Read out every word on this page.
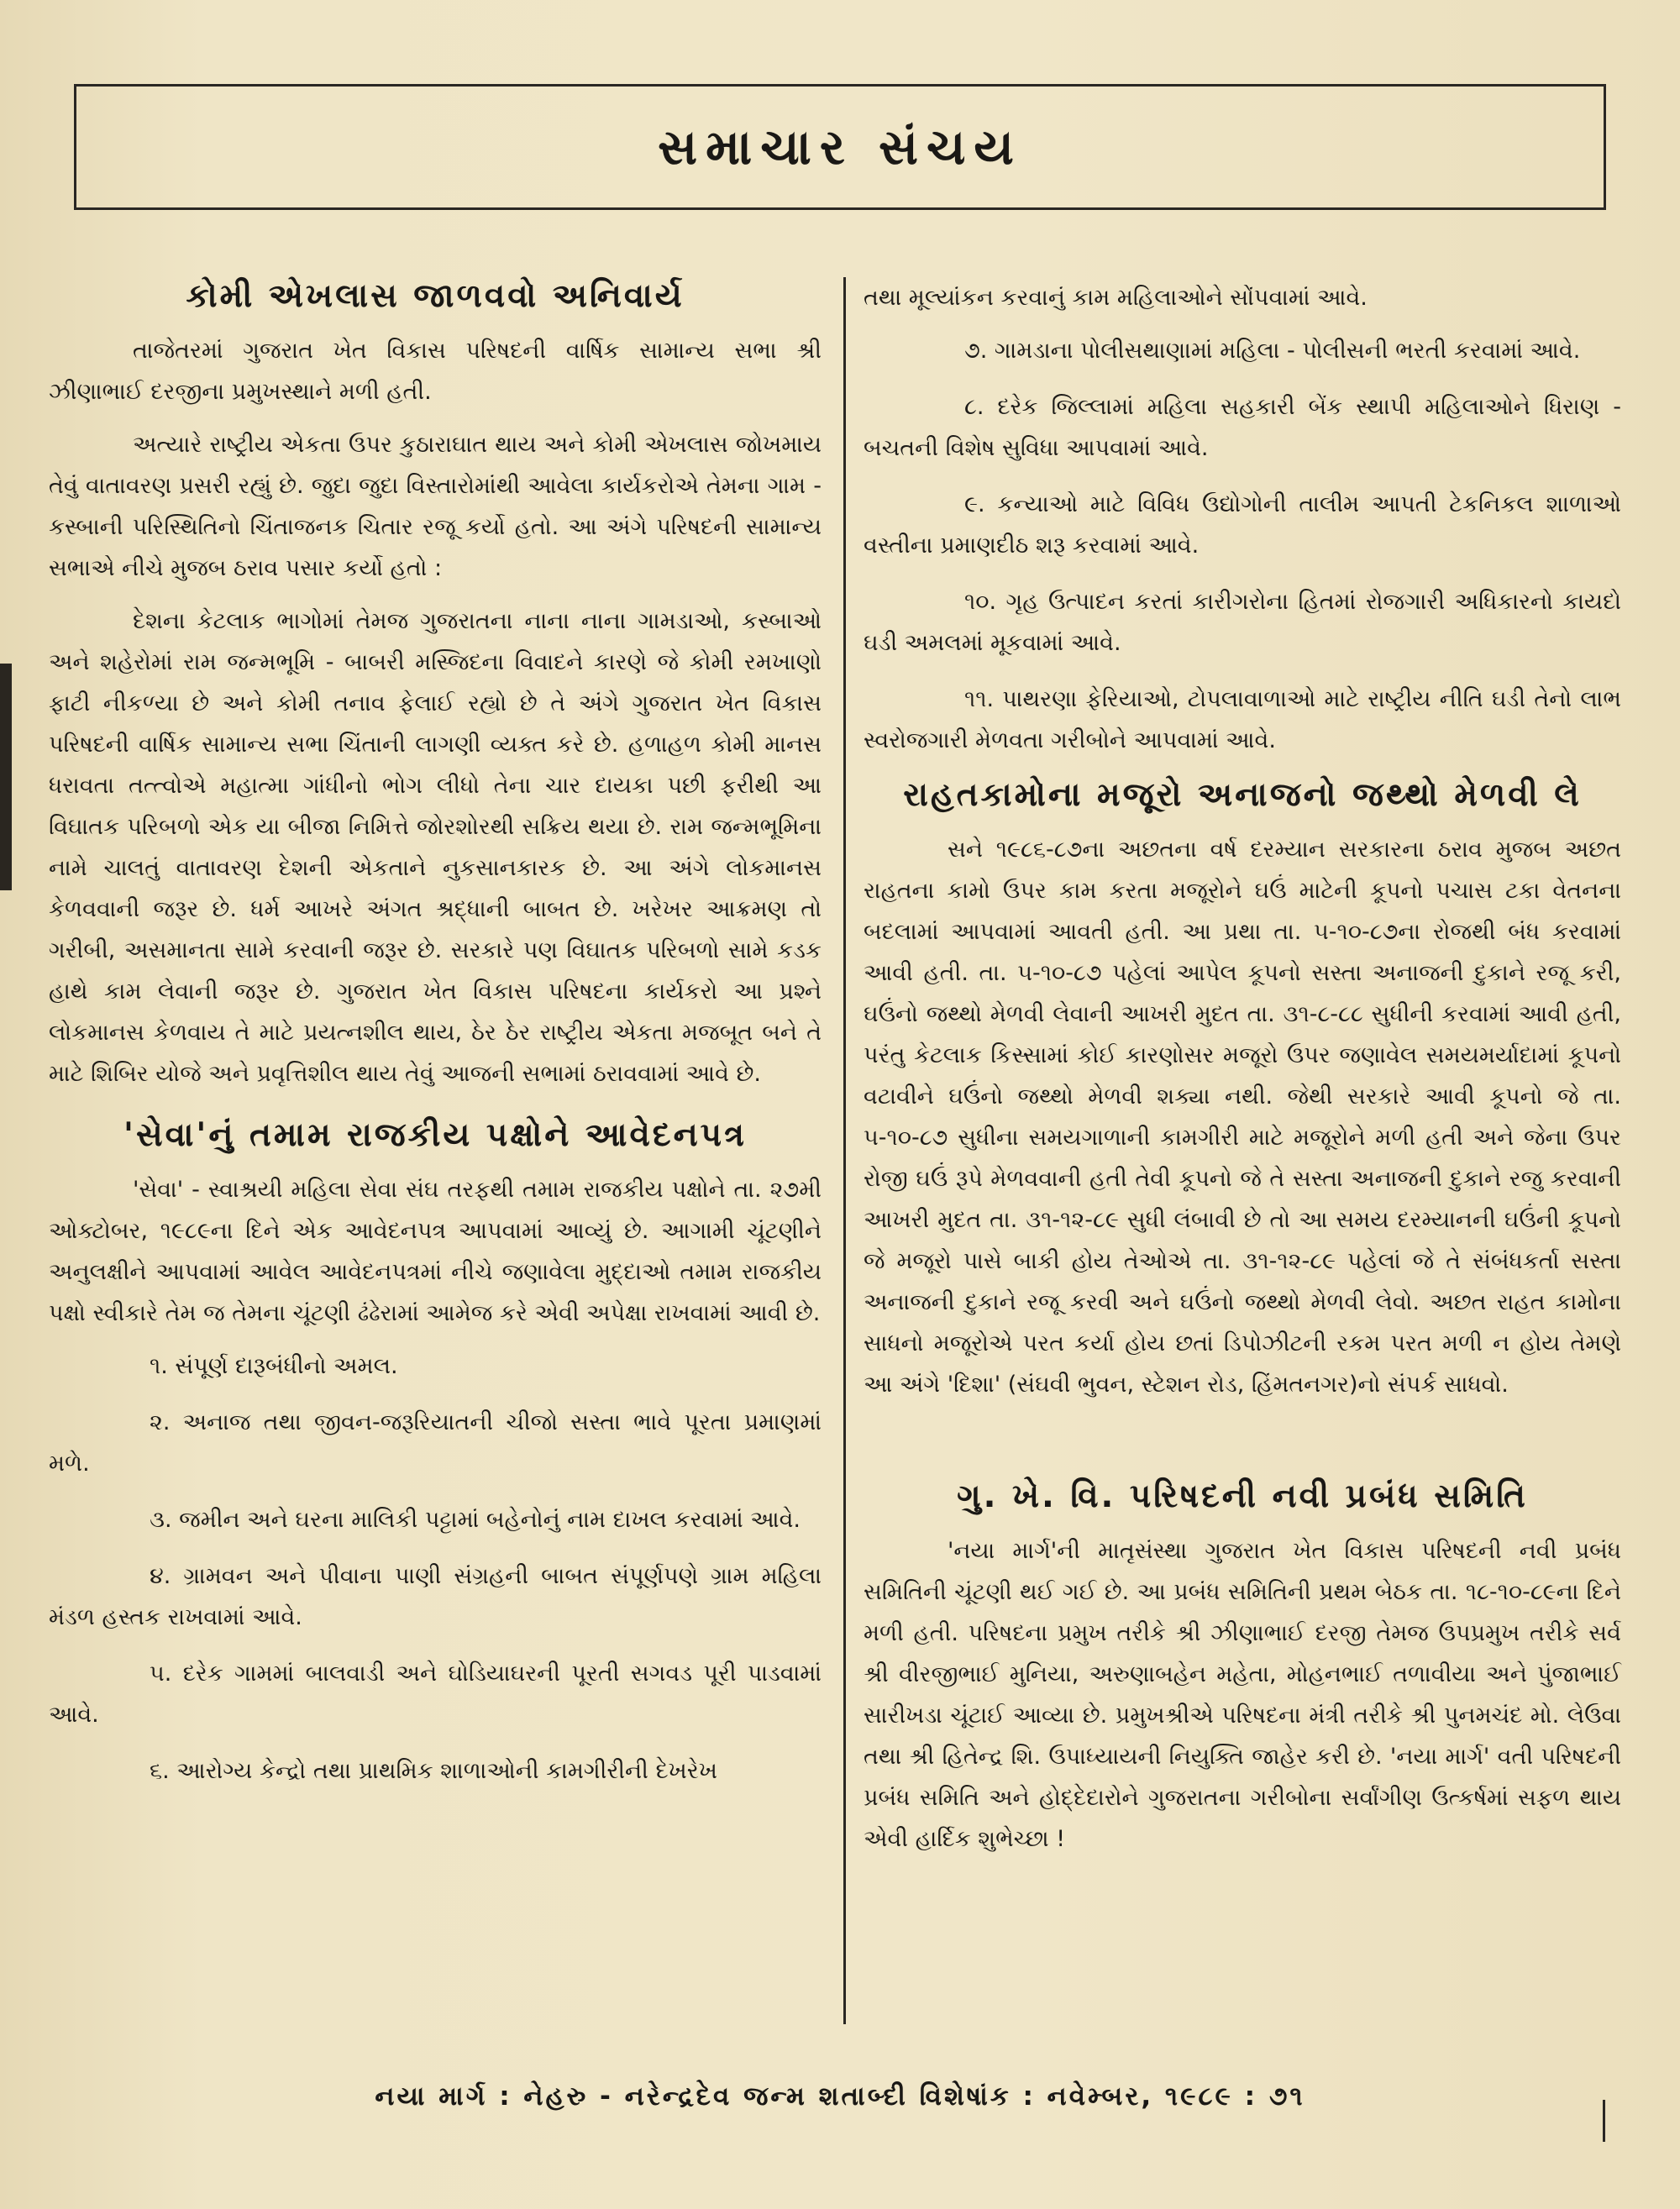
સમાચાર સંચય
કોમી એખલાસ જાળવવો અનિવાર્ય

તાજેતરમાં ગુજરાત ખેત વિકાસ પરિષદની વાર્ષિક સામાન્ય સભા શ્રી ઝીણાભાઈ દરજીના પ્રમુખસ્થાને મળી હતી.

અત્યારે રાષ્ટ્રીય એકતા ઉપર કુઠારાઘાત થાય અને કોમી એખલાસ જોખમાય તેવું વાતાવરણ પ્રસરી રહ્યું છે. જુદા જુદા વિસ્તારોમાંથી આવેલા કાર્યકરોએ તેમના ગામ - કસ્બાની પરિસ્થિતિનો ચિંતાજનક ચિતાર રજૂ કર્યો હતો. આ અંગે પરિષદની સામાન્ય સભાએ નીચે મુજબ ઠરાવ પસાર કર્યો હતો :

દેશના કેટલાક ભાગોમાં તેમજ ગુજરાતના નાના નાના ગામડાઓ, કસ્બાઓ અને શહેરોમાં રામ જન્મભૂમિ - બાબરી મસ્જિદના વિવાદને કારણે જે કોમી રમખાણો ફાટી નીકળ્યા છે અને કોમી તનાવ ફેલાઈ રહ્યો છે તે અંગે ગુજરાત ખેત વિકાસ પરિષદની વાર્ષિક સામાન્ય સભા ચિંતાની લાગણી વ્યક્ત કરે છે. હળાહળ કોમી માનસ ધરાવતા તત્ત્વોએ મહાત્મા ગાંધીનો ભોગ લીધો તેના ચાર દાયકા પછી ફરીથી આ વિઘાતક પરિબળો એક યા બીજા નિમિત્તે જોરશોરથી સક્રિય થયા છે. રામ જન્મભૂમિના નામે ચાલતું વાતાવરણ દેશની એકતાને નુકસાનકારક છે. આ અંગે લોકમાનસ કેળવવાની જરૂર છે. ધર્મ આખરે અંગત શ્રદ્ધાની બાબત છે. ખરેખર આક્રમણ તો ગરીબી, અસમાનતા સામે કરવાની જરૂર છે. સરકારે પણ વિઘાતક પરિબળો સામે કડક હાથે કામ લેવાની જરૂર છે. ગુજરાત ખેત વિકાસ પરિષદના કાર્યકરો આ પ્રશ્ને લોકમાનસ કેળવાય તે માટે પ્રયત્નશીલ થાય, ઠેર ઠેર રાષ્ટ્રીય એકતા મજબૂત બને તે માટે શિબિર યોજે અને પ્રવૃત્તિશીલ થાય તેવું આજની સભામાં ઠરાવવામાં આવે છે.

'સેવા'નું તમામ રાજકીય પક્ષોને આવેદનપત્ર

'સેવા' - સ્વાશ્રયી મહિલા સેવા સંઘ તરફથી તમામ રાજકીય પક્ષોને તા. ૨૭મી ઓક્ટોબર, ૧૯૮૯ના દિને એક આવેદનપત્ર આપવામાં આવ્યું છે. આગામી ચૂંટણીને અનુલક્ષીને આપવામાં આવેલ આવેદનપત્રમાં નીચે જણાવેલા મુદ્દાઓ તમામ રાજકીય પક્ષો સ્વીકારે તેમ જ તેમના ચૂંટણી ઢંઢેરામાં આમેજ કરે એવી અપેક્ષા રાખવામાં આવી છે.

૧. સંપૂર્ણ દારૂબંધીનો અમલ.

૨. અનાજ તથા જીવન-જરૂરિયાતની ચીજો સસ્તા ભાવે પૂરતા પ્રમાણમાં મળે.

૩. જમીન અને ઘરના માલિકી પટ્ટામાં બહેનોનું નામ દાખલ કરવામાં આવે.

૪. ગ્રામવન અને પીવાના પાણી સંગ્રહની બાબત સંપૂર્ણપણે ગ્રામ મહિલા મંડળ હસ્તક રાખવામાં આવે.

૫. દરેક ગામમાં બાલવાડી અને ઘોડિયાઘરની પૂરતી સગવડ પૂરી પાડવામાં આવે.

૬. આરોગ્ય કેન્દ્રો તથા પ્રાથમિક શાળાઓની કામગીરીની દેખરેખ

તથા મૂલ્યાંકન કરવાનું કામ મહિલાઓને સોંપવામાં આવે.

૭. ગામડાના પોલીસથાણામાં મહિલા - પોલીસની ભરતી કરવામાં આવે.

૮. દરેક જિલ્લામાં મહિલા સહકારી બેંક સ્થાપી મહિલાઓને ધિરાણ - બચતની વિશેષ સુવિધા આપવામાં આવે.

૯. કન્યાઓ માટે વિવિધ ઉદ્યોગોની તાલીમ આપતી ટેકનિકલ શાળાઓ વસ્તીના પ્રમાણદીઠ શરૂ કરવામાં આવે.

૧૦. ગૃહ ઉત્પાદન કરતાં કારીગરોના હિતમાં રોજગારી અધિકારનો કાયદો ઘડી અમલમાં મૂકવામાં આવે.

૧૧. પાથરણા ફેરિયાઓ, ટોપલાવાળાઓ માટે રાષ્ટ્રીય નીતિ ઘડી તેનો લાભ સ્વરોજગારી મેળવતા ગરીબોને આપવામાં આવે.

રાહતકામોના મજૂરો અનાજનો જથ્થો મેળવી લે

સને ૧૯૮૬-૮૭ના અછતના વર્ષ દરમ્યાન સરકારના ઠરાવ મુજબ અછત રાહતના કામો ઉપર કામ કરતા મજૂરોને ઘઉં માટેની કૂપનો પચાસ ટકા વેતનના બદલામાં આપવામાં આવતી હતી. આ પ્રથા તા. ૫-૧૦-૮૭ના રોજથી બંધ કરવામાં આવી હતી. તા. ૫-૧૦-૮૭ પહેલાં આપેલ કૂપનો સસ્તા અનાજની દુકાને રજૂ કરી, ઘઉંનો જથ્થો મેળવી લેવાની આખરી મુદત તા. ૩૧-૮-૮૮ સુધીની કરવામાં આવી હતી, પરંતુ કેટલાક કિસ્સામાં કોઈ કારણોસર મજૂરો ઉપર જણાવેલ સમયમર્યાદામાં કૂપનો વટાવીને ઘઉંનો જથ્થો મેળવી શક્યા નથી. જેથી સરકારે આવી કૂપનો જે તા. ૫-૧૦-૮૭ સુધીના સમયગાળાની કામગીરી માટે મજૂરોને મળી હતી અને જેના ઉપર રોજી ઘઉં રૂપે મેળવવાની હતી તેવી કૂપનો જે તે સસ્તા અનાજની દુકાને રજુ કરવાની આખરી મુદત તા. ૩૧-૧૨-૮૯ સુધી લંબાવી છે તો આ સમય દરમ્યાનની ઘઉંની કૂપનો જે મજૂરો પાસે બાકી હોય તેઓએ તા. ૩૧-૧૨-૮૯ પહેલાં જે તે સંબંધકર્તા સસ્તા અનાજની દુકાને રજૂ કરવી અને ઘઉંનો જથ્થો મેળવી લેવો. અછત રાહત કામોના સાધનો મજૂરોએ પરત કર્યા હોય છતાં ડિપોઝીટની રકમ પરત મળી ન હોય તેમણે આ અંગે 'દિશા' (સંઘવી ભુવન, સ્ટેશન રોડ, હિંમતનગર)નો સંપર્ક સાધવો.

ગુ. ખે. વિ. પરિષદની નવી પ્રબંધ સમિતિ

'નયા માર્ગ'ની માતૃસંસ્થા ગુજરાત ખેત વિકાસ પરિષદની નવી પ્રબંધ સમિતિની ચૂંટણી થઈ ગઈ છે. આ પ્રબંધ સમિતિની પ્રથમ બેઠક તા. ૧૮-૧૦-૮૯ના દિને મળી હતી. પરિષદના પ્રમુખ તરીકે શ્રી ઝીણાભાઈ દરજી તેમજ ઉપપ્રમુખ તરીકે સર્વ શ્રી વીરજીભાઈ મુનિયા, અરુણાબહેન મહેતા, મોહનભાઈ તળાવીયા અને પુંજાભાઈ સારીખડા ચૂંટાઈ આવ્યા છે. પ્રમુખશ્રીએ પરિષદના મંત્રી તરીકે શ્રી પુનમચંદ મો. લેઉવા તથા શ્રી હિતેન્દ્ર શિ. ઉપાધ્યાયની નિયુક્તિ જાહેર કરી છે. 'નયા માર્ગ' વતી પરિષદની પ્રબંધ સમિતિ અને હોદ્દેદારોને ગુજરાતના ગરીબોના સર્વાંગીણ ઉત્કર્ષમાં સફળ થાય એવી હાર્દિક શુભેચ્છા !

નયા માર્ગ : નેહરુ - નરેન્દ્રદેવ જન્મ શતાબ્દી વિશેષાંક : નવેમ્બર, ૧૯૮૯ : ૭૧
